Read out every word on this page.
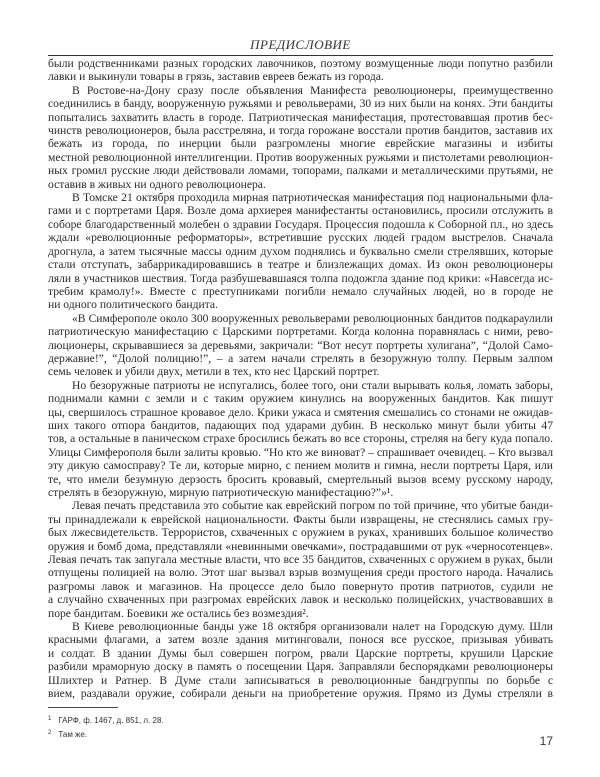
ПРЕДИСЛОВИЕ
были родственниками разных городских лавочников, поэтому возмущенные люди попутно разбили
лавки и выкинули товары в грязь, заставив евреев бежать из города.
В Ростове-на-Дону сразу после объявления Манифеста революционеры, преимущественно
соединились в банду, вооруженную ружьями и револьверами, 30 из них были на конях. Эти бандиты
попытались захватить власть в городе. Патриотическая манифестация, протестовавшая против бес-
чинств революционеров, была расстреляна, и тогда горожане восстали против бандитов, заставив их
бежать из города, по инерции были разгромлены многие еврейские магазины и избиты
местной революционной интеллигенции. Против вооруженных ружьями и пистолетами революцион-
ных громил русские люди действовали ломами, топорами, палками и металлическими прутьями, не
оставив в живых ни одного революционера.
В Томске 21 октября проходила мирная патриотическая манифестация под национальными фла-
гами и с портретами Царя. Возле дома архиерея манифестанты остановились, просили отслужить в
соборе благодарственный молебен о здравии Государя. Процессия подошла к Соборной пл., но здесь
ждали «революционные реформаторы», встретившие русских людей градом выстрелов. Сначала
дрогнула, а затем тысячные массы одним духом поднялись и буквально смели стрелявших, которые
стали отступать, забаррикадировавшись в театре и близлежащих домах. Из окон революционеры
ляли в участников шествия. Тогда разбушевавшаяся толпа подожгла здание под крики: «Навсегда ис-
требим крамолу!». Вместе с преступниками погибли немало случайных людей, но в городе не
ни одного политического бандита.
«В Симферополе около 300 вооруженных револьверами революционных бандитов подкараулили
патриотическую манифестацию с Царскими портретами. Когда колонна поравнялась с ними, рево-
люционеры, скрывавшиеся за деревьями, закричали: “Вот несут портреты хулигана”, “Долой Само-
державие!”, “Долой полицию!”, – а затем начали стрелять в безоружную толпу. Первым залпом
семь человек и убили двух, метили в тех, кто нес Царский портрет.
Но безоружные патриоты не испугались, более того, они стали вырывать колья, ломать заборы,
поднимали камни с земли и с таким оружием кинулись на вооруженных бандитов. Как пишут
цы, свершилось страшное кровавое дело. Крики ужаса и смятения смешались со стонами не ожидав-
ших такого отпора бандитов, падающих под ударами дубин. В несколько минут были убиты 47
тов, а остальные в паническом страхе бросились бежать во все стороны, стреляя на бегу куда попало.
Улицы Симферополя были залиты кровью. “Но кто же виноват? – спрашивает очевидец. – Кто вызвал
эту дикую самосправу? Те ли, которые мирно, с пением молитв и гимна, несли портреты Царя, или
те, что имели безумную дерзость бросить кровавый, смертельный вызов всему русскому народу,
стрелять в безоружную, мирную патриотическую манифестацию?”»¹.
Левая печать представила это событие как еврейский погром по той причине, что убитые банди-
ты принадлежали к еврейской национальности. Факты были извращены, не стеснялись самых гру-
бых лжесвидетельств. Террористов, схваченных с оружием в руках, хранивших большое количество
оружия и бомб дома, представляли «невинными овечками», пострадавшими от рук «черносотенцев».
Левая печать так запугала местные власти, что все 35 бандитов, схваченных с оружием в руках, были
отпущены полицией на волю. Этот шаг вызвал взрыв возмущения среди простого народа. Начались
разгромы лавок и магазинов. На процессе дело было повернуто против патриотов, судили не
а случайно схваченных при разгромах еврейских лавок и несколько полицейских, участвовавших в
поре бандитам. Боевики же остались без возмездия².
В Киеве революционные банды уже 18 октября организовали налет на Городскую думу. Шли
красными флагами, а затем возле здания митинговали, понося все русское, призывая убивать
и солдат. В здании Думы был совершен погром, рвали Царские портреты, крушили Царские
разбили мраморную доску в память о посещении Царя. Заправляли беспорядками революционеры
Шлихтер и Ратнер. В Думе стали записываться в революционные бандгруппы по борьбе с
вием, раздавали оружие, собирали деньги на приобретение оружия. Прямо из Думы стреляли в
$^1$ ГАРФ, ф. 1467, д. 851, л. 28.
$^2$ Там же.	17
